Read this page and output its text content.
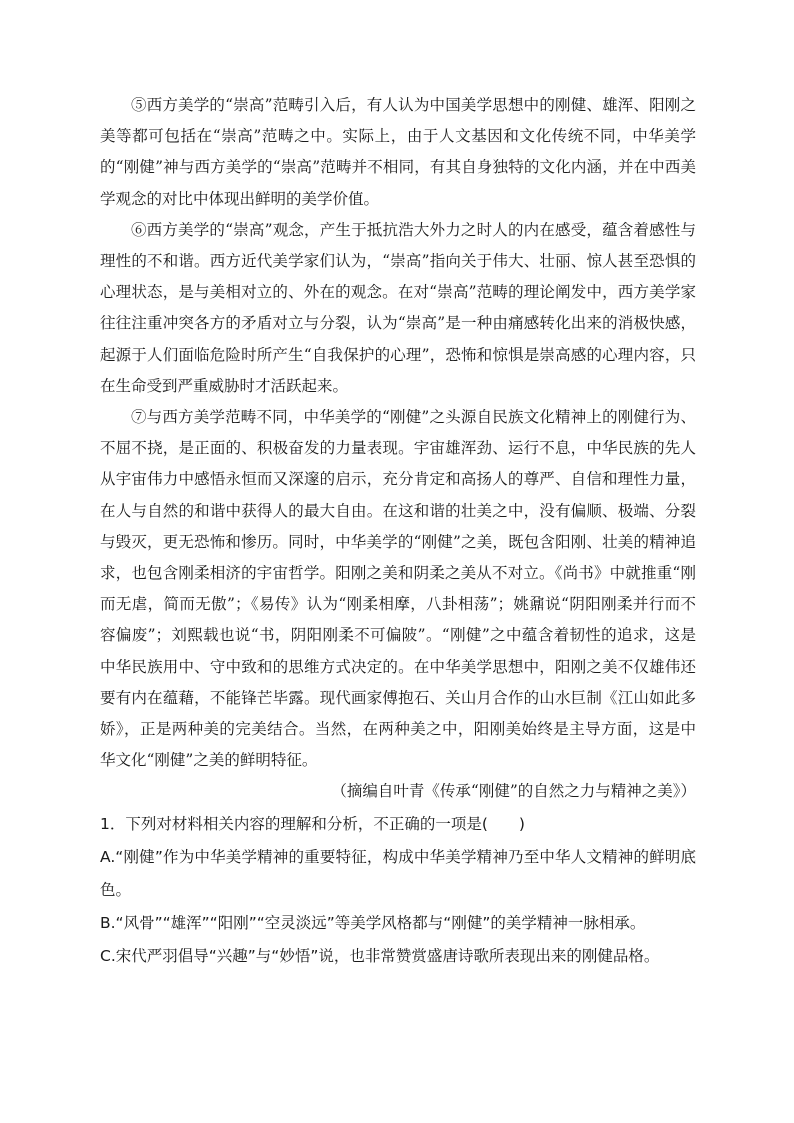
⑤西方美学的“崇高”范畴引入后，有人认为中国美学思想中的刚健、雄浑、阳刚之美等都可包括在“崇高”范畴之中。实际上，由于人文基因和文化传统不同，中华美学的“刚健”神与西方美学的“崇高”范畴并不相同，有其自身独特的文化内涵，并在中西美学观念的对比中体现出鲜明的美学价值。

⑥西方美学的“崇高”观念，产生于抵抗浩大外力之时人的内在感受，蕴含着感性与理性的不和谐。西方近代美学家们认为，“崇高”指向关于伟大、壮丽、惊人甚至恐惧的心理状态，是与美相对立的、外在的观念。在对“崇高”范畴的理论阐发中，西方美学家往往注重冲突各方的矛盾对立与分裂，认为“崇高”是一种由痛感转化出来的消极快感，起源于人们面临危险时所产生“自我保护的心理”，恐怖和惊惧是崇高感的心理内容，只在生命受到严重威胁时才活跃起来。

⑦与西方美学范畴不同，中华美学的“刚健”之头源自民族文化精神上的刚健行为、不屈不挠，是正面的、积极奋发的力量表现。宇宙雄浑劲、运行不息，中华民族的先人从宇宙伟力中感悟永恒而又深邃的启示，充分肯定和高扬人的尊严、自信和理性力量，在人与自然的和谐中获得人的最大自由。在这和谐的壮美之中，没有偏顺、极端、分裂与毁灭，更无恐怖和惨历。同时，中华美学的“刚健”之美，既包含阳刚、壮美的精神追求，也包含刚柔相济的宇宙哲学。阳刚之美和阴柔之美从不对立。《尚书》中就推重“刚而无虐，简而无傲”；《易传》认为“刚柔相摩，八卦相荡”；姚鼐说“阴阳刚柔并行而不容偏废”；刘熙载也说“书，阴阳刚柔不可偏陂”。“刚健”之中蕴含着韧性的追求，这是中华民族用中、守中致和的思维方式决定的。在中华美学思想中，阳刚之美不仅雄伟还要有内在蕴藉，不能锋芒毕露。现代画家傅抱石、关山月合作的山水巨制《江山如此多娇》，正是两种美的完美结合。当然，在两种美之中，阳刚美始终是主导方面，这是中华文化“刚健”之美的鲜明特征。

（摘编自叶青《传承“刚健”的自然之力与精神之美》）

1．下列对材料相关内容的理解和分析，不正确的一项是(　　)

A.“刚健”作为中华美学精神的重要特征，构成中华美学精神乃至中华人文精神的鲜明底色。

B.“风骨”“雄浑”“阳刚”“空灵淡远”等美学风格都与“刚健”的美学精神一脉相承。

C.宋代严羽倡导“兴趣”与“妙悟”说，也非常赞赏盛唐诗歌所表现出来的刚健品格。
